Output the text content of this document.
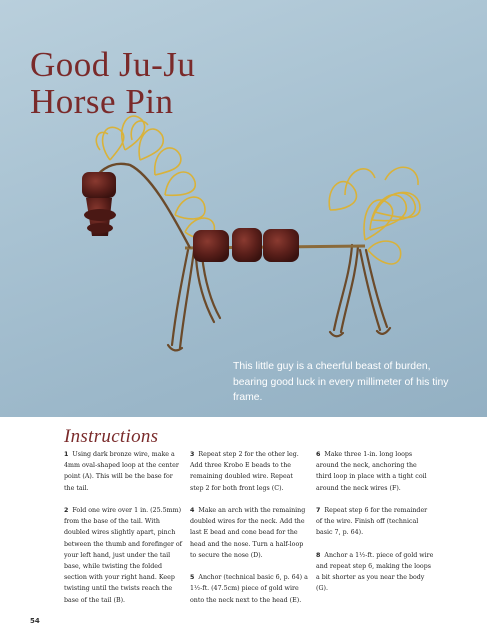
Good Ju-Ju
Horse Pin
This little guy is a cheerful beast of burden, bearing good luck in every millimeter of his tiny frame.
Instructions
1 Using dark bronze wire, make a 4mm oval-shaped loop at the center point (A). This will be the base for the tail.
2 Fold one wire over 1 in. (25.5mm) from the base of the tail. With doubled wires slightly apart, pinch between the thumb and forefinger of your left hand, just under the tail base, while twisting the folded section with your right hand. Keep twisting until the twists reach the base of the tail (B).
3 Repeat step 2 for the other leg. Add three Krobo E beads to the remaining doubled wire. Repeat step 2 for both front legs (C).
4 Make an arch with the remaining doubled wires for the neck. Add the last E bead and cone bead for the head and the nose. Turn a half-loop to secure the nose (D).
5 Anchor (technical basic 6, p. 64) a 1½-ft. (47.5cm) piece of gold wire onto the neck next to the head (E).
6 Make three 1-in. long loops around the neck, anchoring the third loop in place with a tight coil around the neck wires (F).
7 Repeat step 6 for the remainder of the wire. Finish off (technical basic 7, p. 64).
8 Anchor a 1½-ft. piece of gold wire and repeat step 6, making the loops a bit shorter as you near the body (G).
54
